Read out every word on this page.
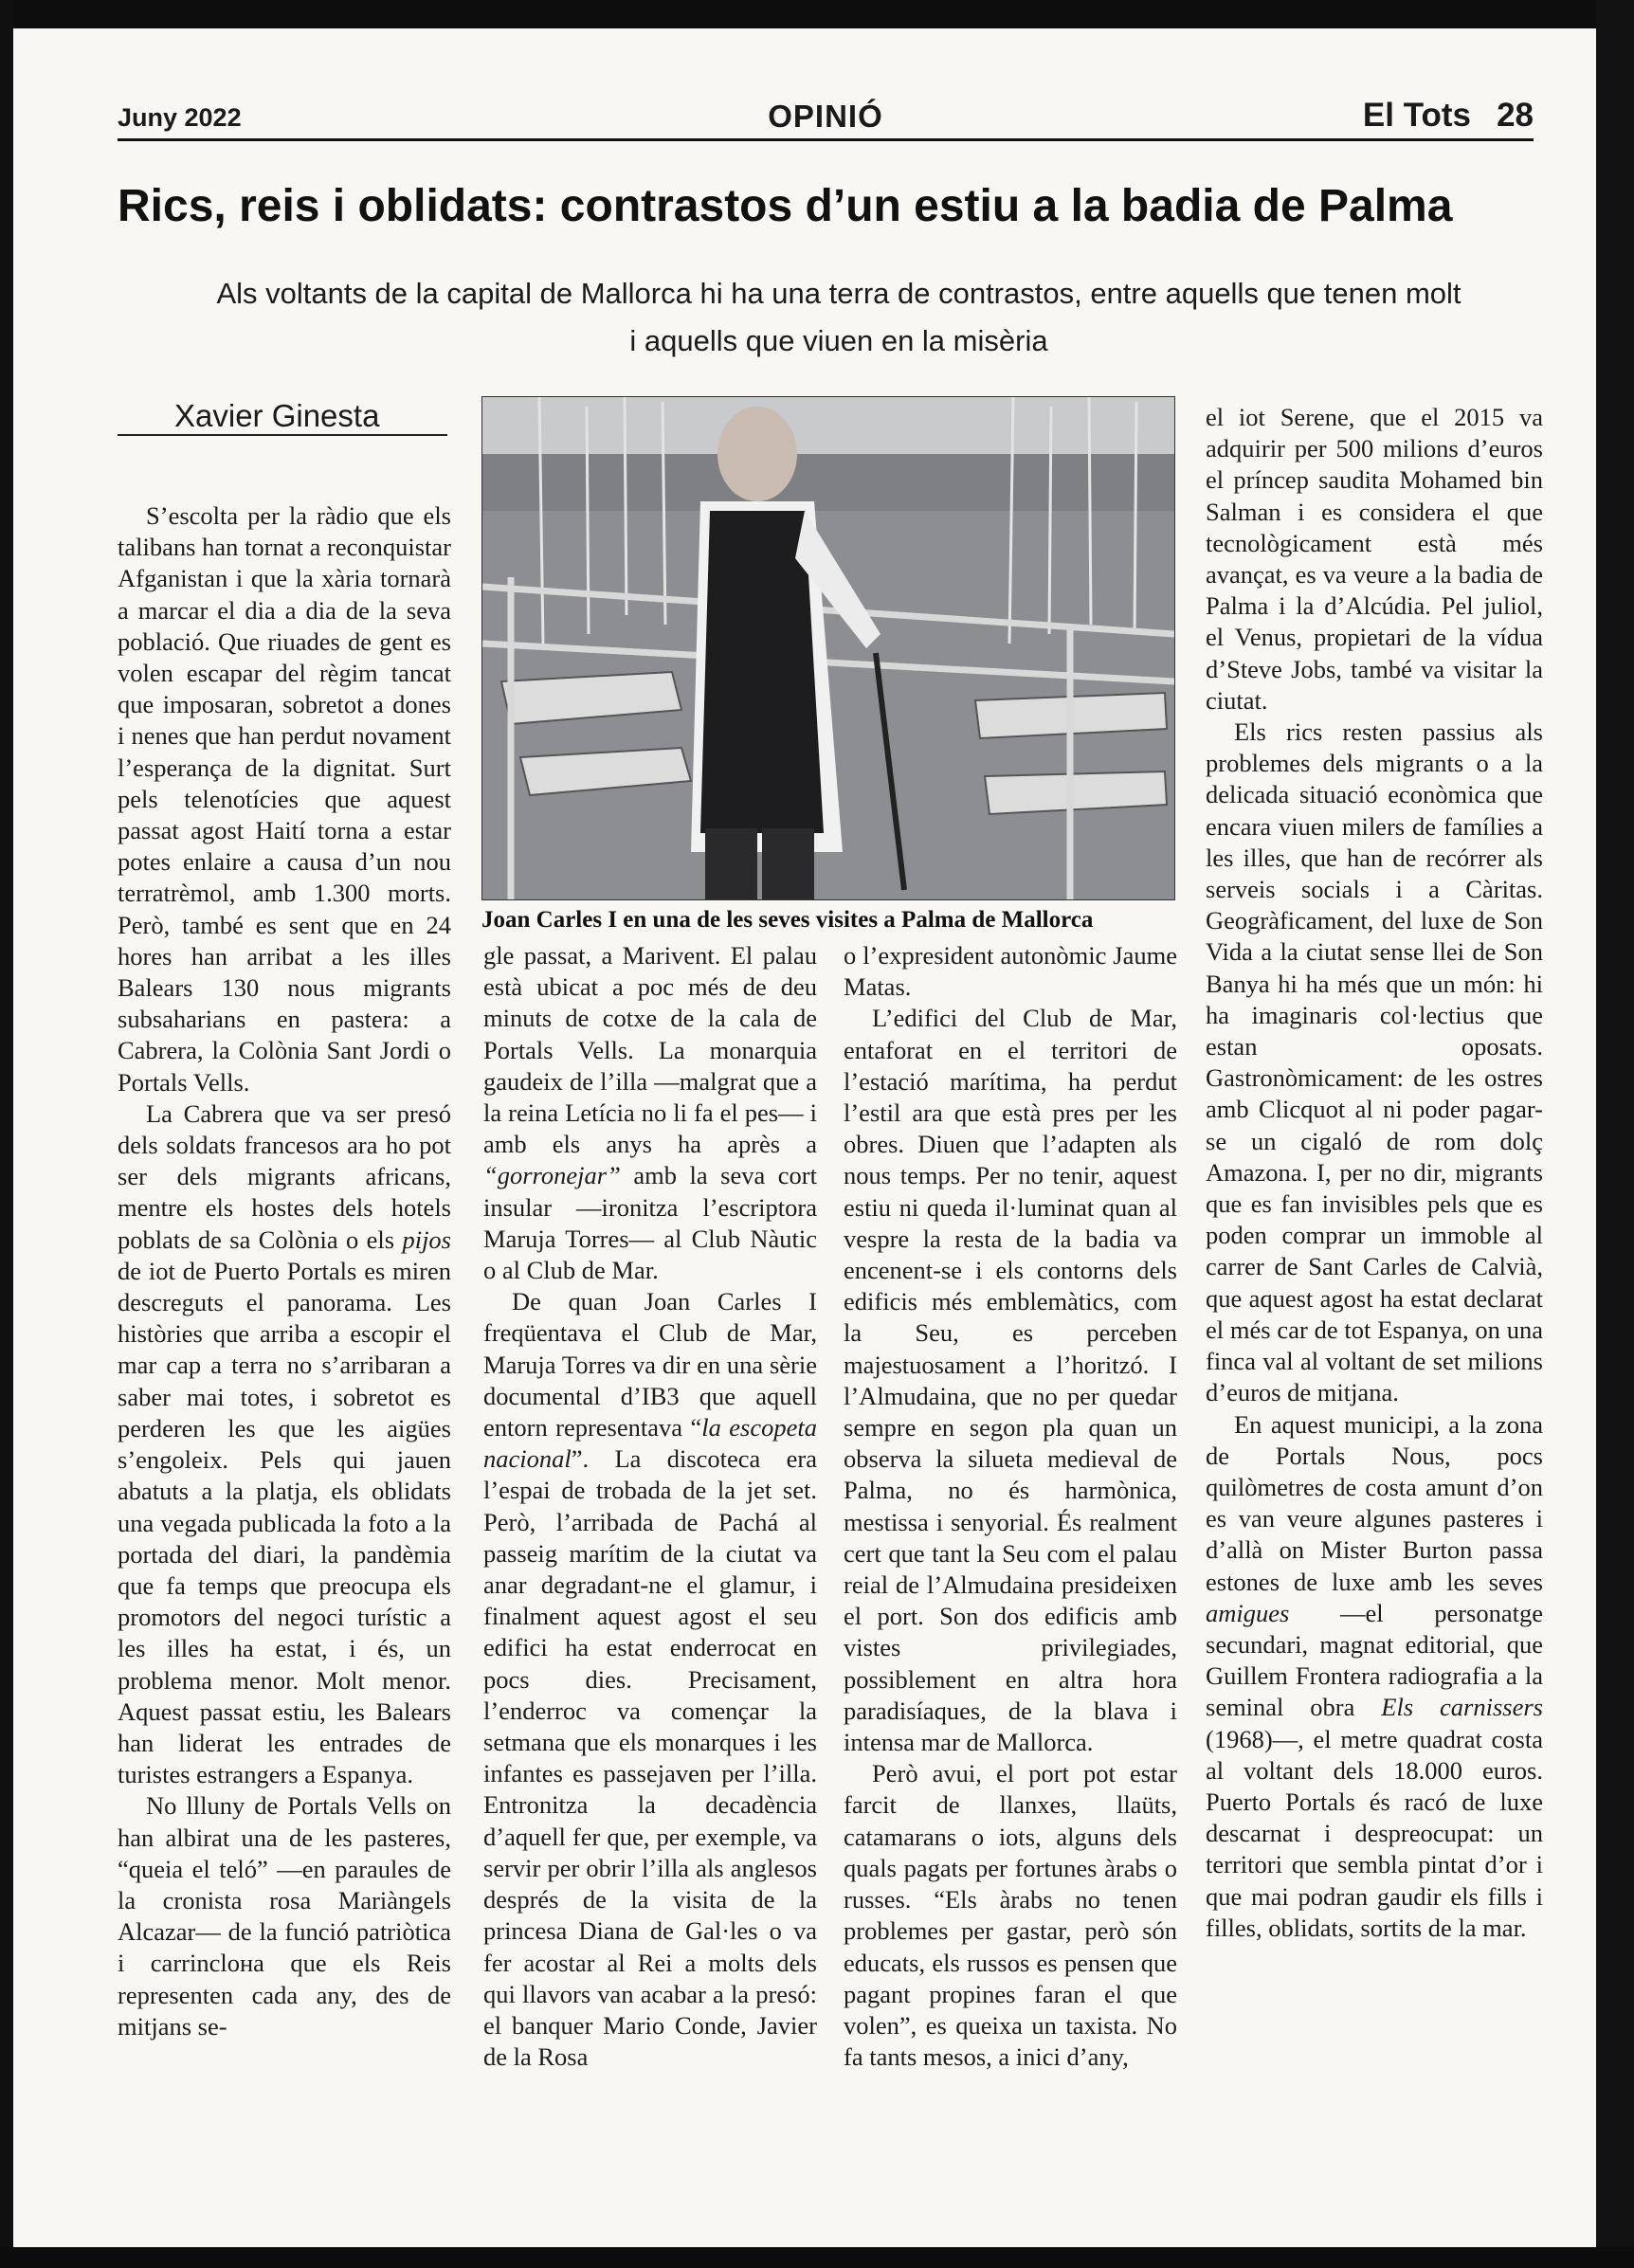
Juny 2022	OPINIÓ	El Tots 28
Rics, reis i oblidats: contrastos d’un estiu a la badia de Palma
Als voltants de la capital de Mallorca hi ha una terra de contrastos, entre aquells que tenen molt
i aquells que viuen en la misèria
Xavier Ginesta

S’escolta per la ràdio que els talibans han tornat a reconquistar Afganistan i que la xària tornarà a marcar el dia a dia de la seva població. Que riuades de gent es volen escapar del règim tancat que imposaran, sobretot a dones i nenes que han perdut novament l’esperança de la dignitat. Surt pels telenotícies que aquest passat agost Haití torna a estar potes enlaire a causa d’un nou terratrèmol, amb 1.300 morts. Però, també es sent que en 24 hores han arribat a les illes Balears 130 nous migrants subsaharians en pastera: a Cabrera, la Colònia Sant Jordi o Portals Vells.

La Cabrera que va ser presó dels soldats francesos ara ho pot ser dels migrants africans, mentre els hostes dels hotels poblats de sa Colònia o els pijos de iot de Puerto Portals es miren descreguts el panorama. Les històries que arriba a escopir el mar cap a terra no s’arribaran a saber mai totes, i sobretot es perderen les que les aigües s’engoleix. Pels qui jauen abatuts a la platja, els oblidats una vegada publicada la foto a la portada del diari, la pandèmia que fa temps que preocupa els promotors del negoci turístic a les illes ha estat, i és, un problema menor. Molt menor. Aquest passat estiu, les Balears han liderat les entrades de turistes estrangers a Espanya.

No llluny de Portals Vells on han albirat una de les pasteres, “queia el teló” —en paraules de la cronista rosa Mariàngels Alcazar— de la funció patriòtica i carrincloна que els Reis representen cada any, des de mitjans se-

Joan Carles I en una de les seves visites a Palma de Mallorca

gle passat, a Marivent. El palau està ubicat a poc més de deu minuts de cotxe de la cala de Portals Vells. La monarquia gaudeix de l’illa —malgrat que a la reina Letícia no li fa el pes— i amb els anys ha après a “gorronejar” amb la seva cort insular —ironitza l’escriptora Maruja Torres— al Club Nàutic o al Club de Mar.

De quan Joan Carles I freqüentava el Club de Mar, Maruja Torres va dir en una sèrie documental d’IB3 que aquell entorn representava “la escopeta nacional”. La discoteca era l’espai de trobada de la jet set. Però, l’arribada de Pachá al passeig marítim de la ciutat va anar degradant-ne el glamur, i finalment aquest agost el seu edifici ha estat enderrocat en pocs dies. Precisament, l’enderroc va començar la setmana que els monarques i les infantes es passejaven per l’illa. Entronitza la decadència d’aquell fer que, per exemple, va servir per obrir l’illa als anglesos després de la visita de la princesa Diana de Gal·les o va fer acostar al Rei a molts dels qui llavors van acabar a la presó: el banquer Mario Conde, Javier de la Rosa

o l’expresident autonòmic Jaume Matas.

L’edifici del Club de Mar, entaforat en el territori de l’estació marítima, ha perdut l’estil ara que està pres per les obres. Diuen que l’adapten als nous temps. Per no tenir, aquest estiu ni queda il·luminat quan al vespre la resta de la badia va encenent-se i els contorns dels edificis més emblemàtics, com la Seu, es perceben majestuosament a l’horitzó. I l’Almudaina, que no per quedar sempre en segon pla quan un observa la silueta medieval de Palma, no és harmònica, mestissa i senyorial. És realment cert que tant la Seu com el palau reial de l’Almudaina presideixen el port. Son dos edificis amb vistes privilegiades, possiblement en altra hora paradisíaques, de la blava i intensa mar de Mallorca.

Però avui, el port pot estar farcit de llanxes, llaüts, catamarans o iots, alguns dels quals pagats per fortunes àrabs o russes. “Els àrabs no tenen problemes per gastar, però són educats, els russos es pensen que pagant propines faran el que volen”, es queixa un taxista. No fa tants mesos, a inici d’any,

el iot Serene, que el 2015 va adquirir per 500 milions d’euros el príncep saudita Mohamed bin Salman i es considera el que tecnològicament està més avançat, es va veure a la badia de Palma i la d’Alcúdia. Pel juliol, el Venus, propietari de la vídua d’Steve Jobs, també va visitar la ciutat.

Els rics resten passius als problemes dels migrants o a la delicada situació econòmica que encara viuen milers de famílies a les illes, que han de recórrer als serveis socials i a Càritas. Geogràficament, del luxe de Son Vida a la ciutat sense llei de Son Banya hi ha més que un món: hi ha imaginaris col·lectius que estan oposats. Gastronòmicament: de les ostres amb Clicquot al ni poder pagar-se un cigaló de rom dolç Amazona. I, per no dir, migrants que es fan invisibles pels que es poden comprar un immoble al carrer de Sant Carles de Calvià, que aquest agost ha estat declarat el més car de tot Espanya, on una finca val al voltant de set milions d’euros de mitjana.

En aquest municipi, a la zona de Portals Nous, pocs quilòmetres de costa amunt d’on es van veure algunes pasteres i d’allà on Mister Burton passa estones de luxe amb les seves amigues —el personatge secundari, magnat editorial, que Guillem Frontera radiografia a la seminal obra Els carnissers (1968)—, el metre quadrat costa al voltant dels 18.000 euros. Puerto Portals és racó de luxe descarnat i despreocupat: un territori que sembla pintat d’or i que mai podran gaudir els fills i filles, oblidats, sortits de la mar.
